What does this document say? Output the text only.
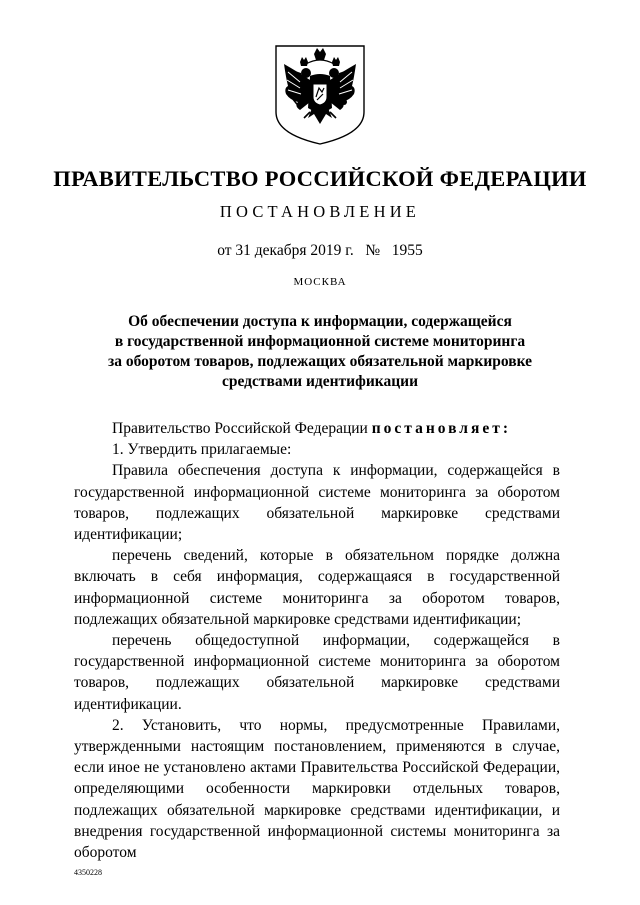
ПРАВИТЕЛЬСТВО РОССИЙСКОЙ ФЕДЕРАЦИИ
ПОСТАНОВЛЕНИЕ
от 31 декабря 2019 г. № 1955
МОСКВА
Об обеспечении доступа к информации, содержащейся
в государственной информационной системе мониторинга
за оборотом товаров, подлежащих обязательной маркировке
средствами идентификации

Правительство Российской Федерации постановляет:

1. Утвердить прилагаемые:

Правила обеспечения доступа к информации, содержащейся в государственной информационной системе мониторинга за оборотом товаров, подлежащих обязательной маркировке средствами идентификации;

перечень сведений, которые в обязательном порядке должна включать в себя информация, содержащаяся в государственной информационной системе мониторинга за оборотом товаров, подлежащих обязательной маркировке средствами идентификации;

перечень общедоступной информации, содержащейся в государственной информационной системе мониторинга за оборотом товаров, подлежащих обязательной маркировке средствами идентификации.

2. Установить, что нормы, предусмотренные Правилами, утвержденными настоящим постановлением, применяются в случае, если иное не установлено актами Правительства Российской Федерации, определяющими особенности маркировки отдельных товаров, подлежащих обязательной маркировке средствами идентификации, и внедрения государственной информационной системы мониторинга за оборотом

4350228
